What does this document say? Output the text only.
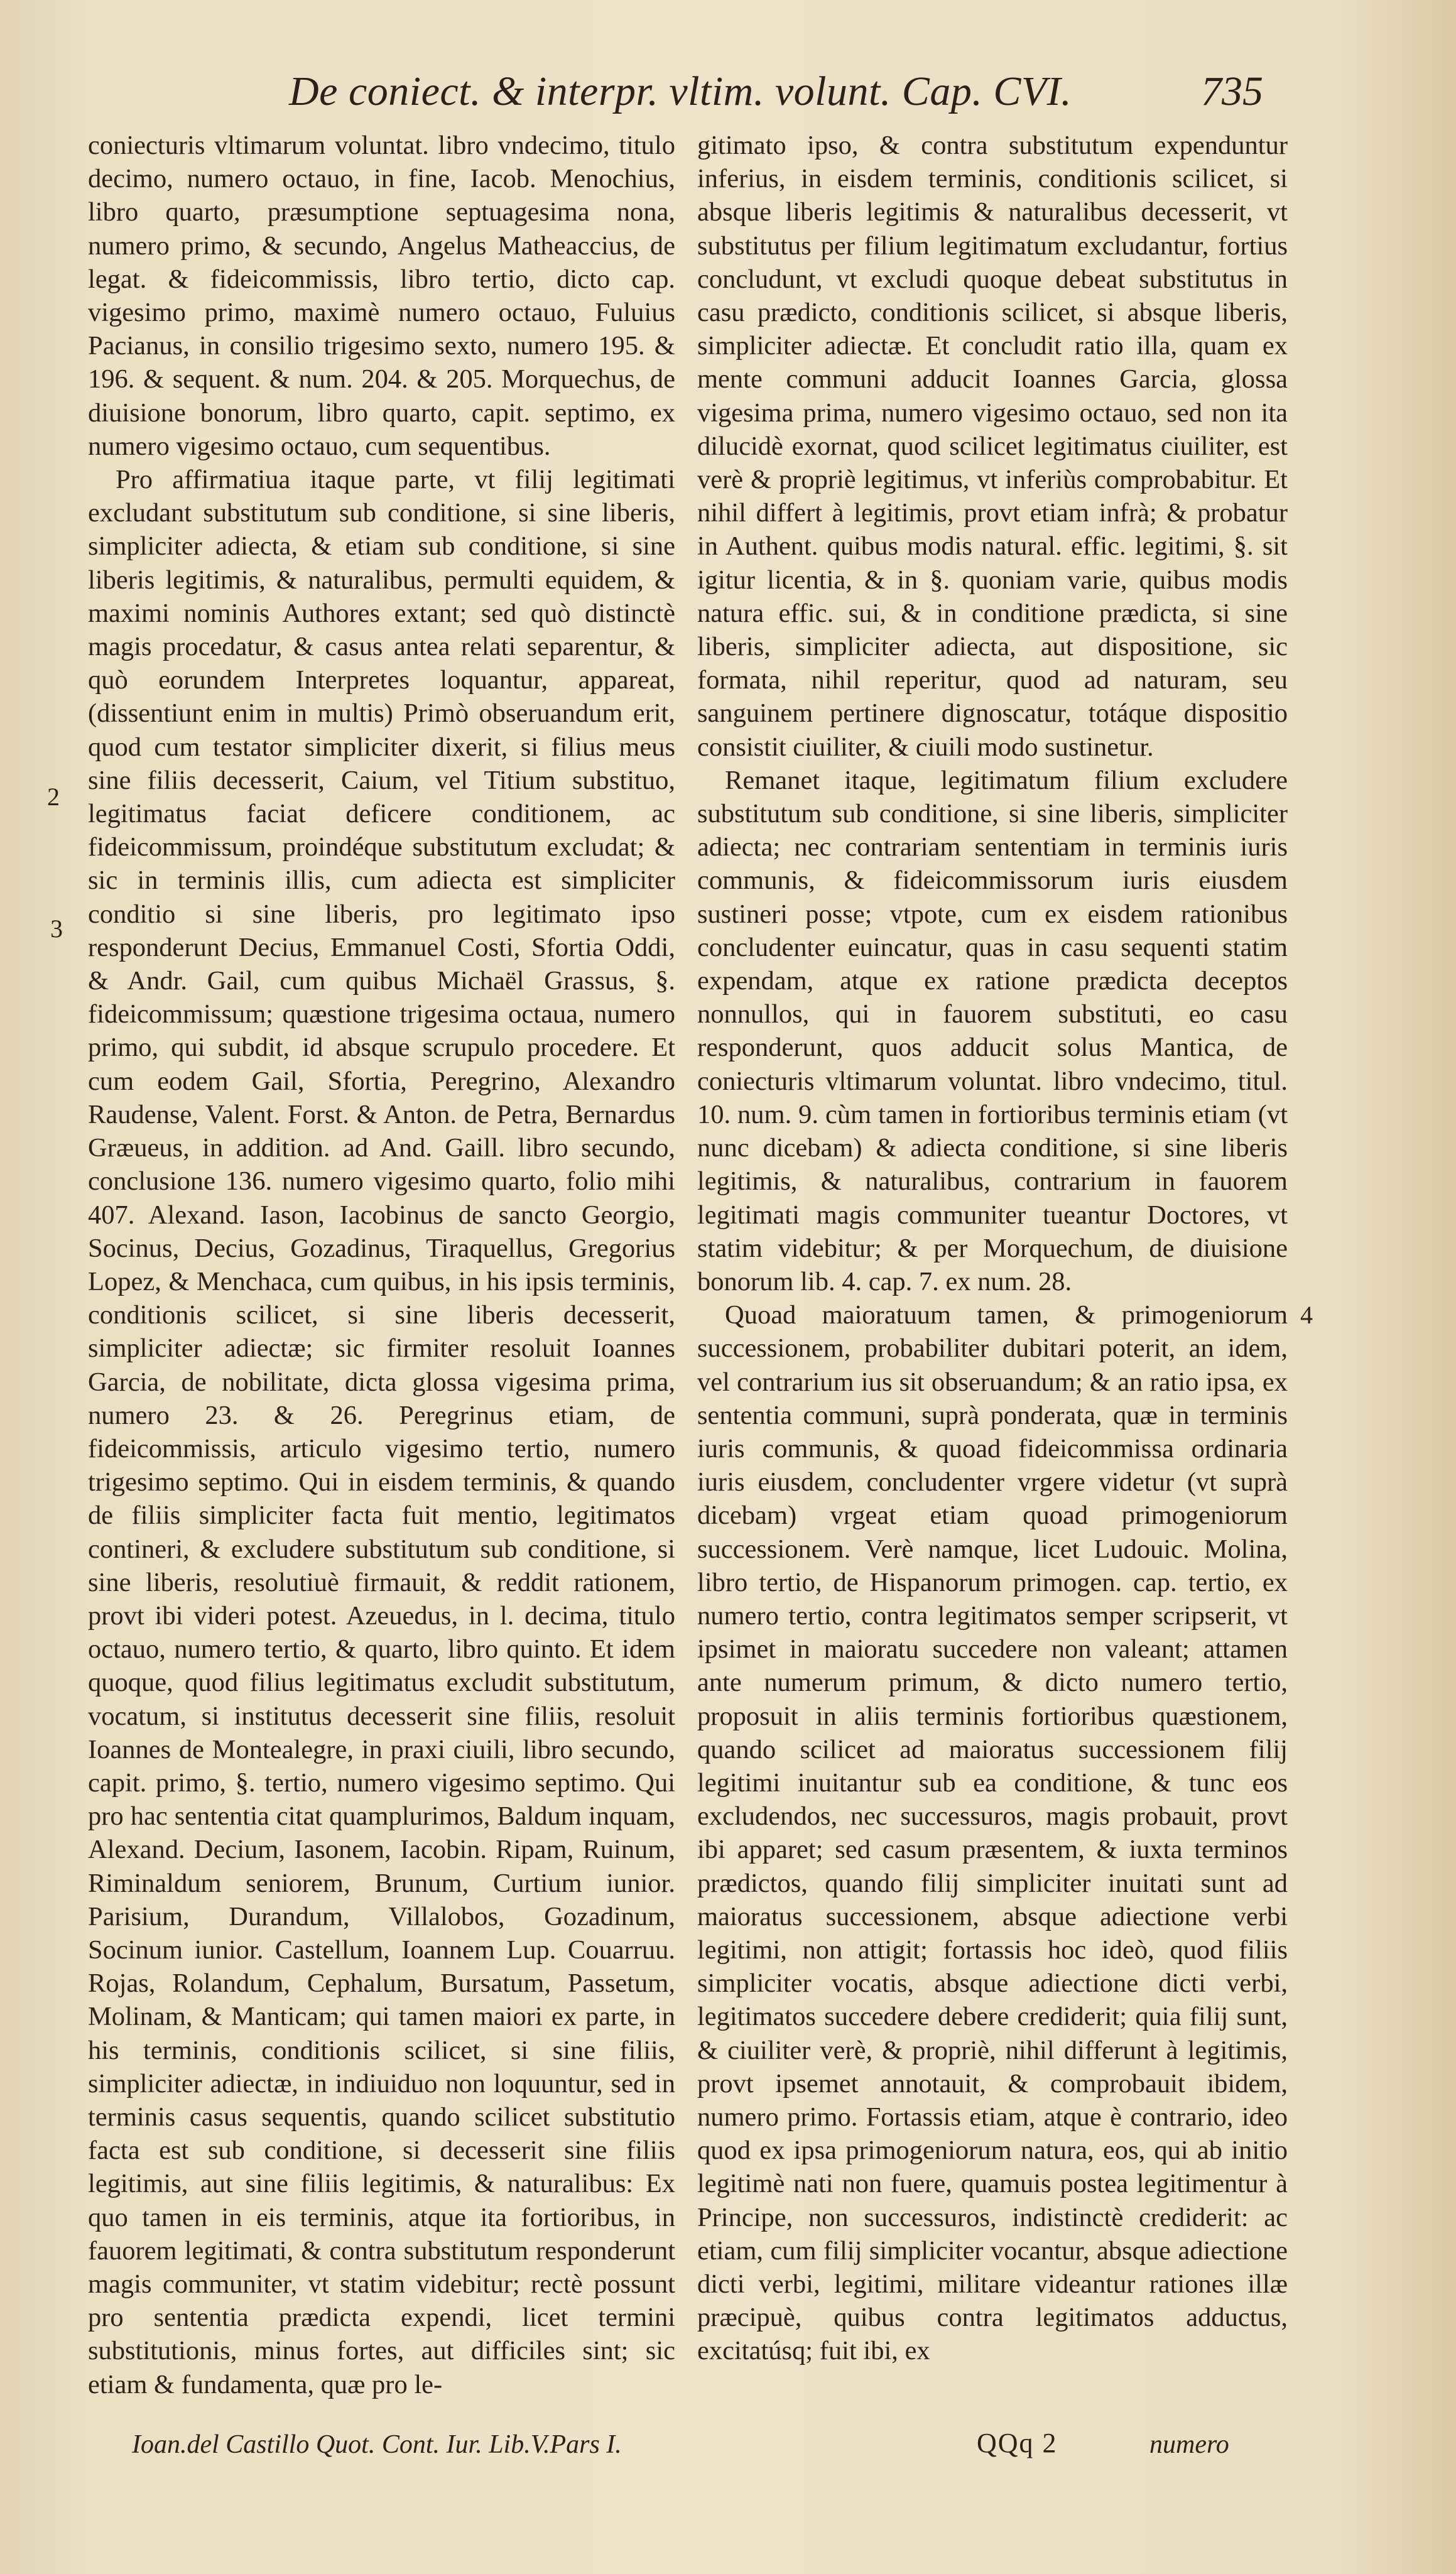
De coniect. & interpr. vltim. volunt. Cap. CVI.	735

coniecturis vltimarum voluntat. libro vndecimo, titulo decimo, numero octauo, in fine, Iacob. Menochius, libro quarto, præsumptione septuagesima nona, numero primo, & secundo, Angelus Matheaccius, de legat. & fideicommissis, libro tertio, dicto cap. vigesimo primo, maximè numero octauo, Fuluius Pacianus, in consilio trigesimo sexto, numero 195. & 196. & sequent. & num. 204. & 205. Morquechus, de diuisione bonorum, libro quarto, capit. septimo, ex numero vigesimo octauo, cum sequentibus.

Pro affirmatiua itaque parte, vt filij legitimati excludant substitutum sub conditione, si sine liberis, simpliciter adiecta, & etiam sub conditione, si sine liberis legitimis, & naturalibus, permulti equidem, & maximi nominis Authores extant; sed quò distinctè magis procedatur, & casus antea relati separentur, & quò eorundem Interpretes loquantur, appareat, (dissentiunt enim in multis) Primò obseruandum erit, quod cum testator simpliciter dixerit, si filius meus sine filiis decesserit, Caium, vel Titium substituo, legitimatus faciat deficere conditionem, ac fideicommissum, proindéque substitutum excludat; & sic in terminis illis, cum adiecta est simpliciter conditio si sine liberis, pro legitimato ipso responderunt Decius, Emmanuel Costi, Sfortia Oddi, & Andr. Gail, cum quibus Michaël Grassus, §. fideicommissum; quæstione trigesima octaua, numero primo, qui subdit, id absque scrupulo procedere. Et cum eodem Gail, Sfortia, Peregrino, Alexandro Raudense, Valent. Forst. & Anton. de Petra, Bernardus Græueus, in addition. ad And. Gaill. libro secundo, conclusione 136. numero vigesimo quarto, folio mihi 407. Alexand. Iason, Iacobinus de sancto Georgio, Socinus, Decius, Gozadinus, Tiraquellus, Gregorius Lopez, & Menchaca, cum quibus, in his ipsis terminis, conditionis scilicet, si sine liberis decesserit, simpliciter adiectæ; sic firmiter resoluit Ioannes Garcia, de nobilitate, dicta glossa vigesima prima, numero 23. & 26. Peregrinus etiam, de fideicommissis, articulo vigesimo tertio, numero trigesimo septimo. Qui in eisdem terminis, & quando de filiis simpliciter facta fuit mentio, legitimatos contineri, & excludere substitutum sub conditione, si sine liberis, resolutiuè firmauit, & reddit rationem, provt ibi videri potest. Azeuedus, in l. decima, titulo octauo, numero tertio, & quarto, libro quinto. Et idem quoque, quod filius legitimatus excludit substitutum, vocatum, si institutus decesserit sine filiis, resoluit Ioannes de Montealegre, in praxi ciuili, libro secundo, capit. primo, §. tertio, numero vigesimo septimo. Qui pro hac sententia citat quamplurimos, Baldum inquam, Alexand. Decium, Iasonem, Iacobin. Ripam, Ruinum, Riminaldum seniorem, Brunum, Curtium iunior. Parisium, Durandum, Villalobos, Gozadinum, Socinum iunior. Castellum, Ioannem Lup. Couarruu. Rojas, Rolandum, Cephalum, Bursatum, Passetum, Molinam, & Manticam; qui tamen maiori ex parte, in his terminis, conditionis scilicet, si sine filiis, simpliciter adiectæ, in indiuiduo non loquuntur, sed in terminis casus sequentis, quando scilicet substitutio facta est sub conditione, si decesserit sine filiis legitimis, aut sine filiis legitimis, & naturalibus: Ex quo tamen in eis terminis, atque ita fortioribus, in fauorem legitimati, & contra substitutum responderunt magis communiter, vt statim videbitur; rectè possunt pro sententia prædicta expendi, licet termini substitutionis, minus fortes, aut difficiles sint; sic etiam & fundamenta, quæ pro le-

2
3

gitimato ipso, & contra substitutum expenduntur inferius, in eisdem terminis, conditionis scilicet, si absque liberis legitimis & naturalibus decesserit, vt substitutus per filium legitimatum excludantur, fortius concludunt, vt excludi quoque debeat substitutus in casu prædicto, conditionis scilicet, si absque liberis, simpliciter adiectæ. Et concludit ratio illa, quam ex mente communi adducit Ioannes Garcia, glossa vigesima prima, numero vigesimo octauo, sed non ita dilucidè exornat, quod scilicet legitimatus ciuiliter, est verè & propriè legitimus, vt inferiùs comprobabitur. Et nihil differt à legitimis, provt etiam infrà; & probatur in Authent. quibus modis natural. effic. legitimi, §. sit igitur licentia, & in §. quoniam varie, quibus modis natura effic. sui, & in conditione prædicta, si sine liberis, simpliciter adiecta, aut dispositione, sic formata, nihil reperitur, quod ad naturam, seu sanguinem pertinere dignoscatur, totáque dispositio consistit ciuiliter, & ciuili modo sustinetur.

Remanet itaque, legitimatum filium excludere substitutum sub conditione, si sine liberis, simpliciter adiecta; nec contrariam sententiam in terminis iuris communis, & fideicommissorum iuris eiusdem sustineri posse; vtpote, cum ex eisdem rationibus concludenter euincatur, quas in casu sequenti statim expendam, atque ex ratione prædicta deceptos nonnullos, qui in fauorem substituti, eo casu responderunt, quos adducit solus Mantica, de coniecturis vltimarum voluntat. libro vndecimo, titul. 10. num. 9. cùm tamen in fortioribus terminis etiam (vt nunc dicebam) & adiecta conditione, si sine liberis legitimis, & naturalibus, contrarium in fauorem legitimati magis communiter tueantur Doctores, vt statim videbitur; & per Morquechum, de diuisione bonorum lib. 4. cap. 7. ex num. 28.

Quoad maioratuum tamen, & primogeniorum successionem, probabiliter dubitari poterit, an idem, vel contrarium ius sit obseruandum; & an ratio ipsa, ex sententia communi, suprà ponderata, quæ in terminis iuris communis, & quoad fideicommissa ordinaria iuris eiusdem, concludenter vrgere videtur (vt suprà dicebam) vrgeat etiam quoad primogeniorum successionem. Verè namque, licet Ludouic. Molina, libro tertio, de Hispanorum primogen. cap. tertio, ex numero tertio, contra legitimatos semper scripserit, vt ipsimet in maioratu succedere non valeant; attamen ante numerum primum, & dicto numero tertio, proposuit in aliis terminis fortioribus quæstionem, quando scilicet ad maioratus successionem filij legitimi inuitantur sub ea conditione, & tunc eos excludendos, nec successuros, magis probauit, provt ibi apparet; sed casum præsentem, & iuxta terminos prædictos, quando filij simpliciter inuitati sunt ad maioratus successionem, absque adiectione verbi legitimi, non attigit; fortassis hoc ideò, quod filiis simpliciter vocatis, absque adiectione dicti verbi, legitimatos succedere debere crediderit; quia filij sunt, & ciuiliter verè, & propriè, nihil differunt à legitimis, provt ipsemet annotauit, & comprobauit ibidem, numero primo. Fortassis etiam, atque è contrario, ideo quod ex ipsa primogeniorum natura, eos, qui ab initio legitimè nati non fuere, quamuis postea legitimentur à Principe, non successuros, indistinctè crediderit: ac etiam, cum filij simpliciter vocantur, absque adiectione dicti verbi, legitimi, militare videantur rationes illæ præcipuè, quibus contra legitimatos adductus, excitatúsq; fuit ibi, ex

4
Ioan.del Castillo Quot. Cont. Iur. Lib.V.Pars I.	QQq 2	numero
